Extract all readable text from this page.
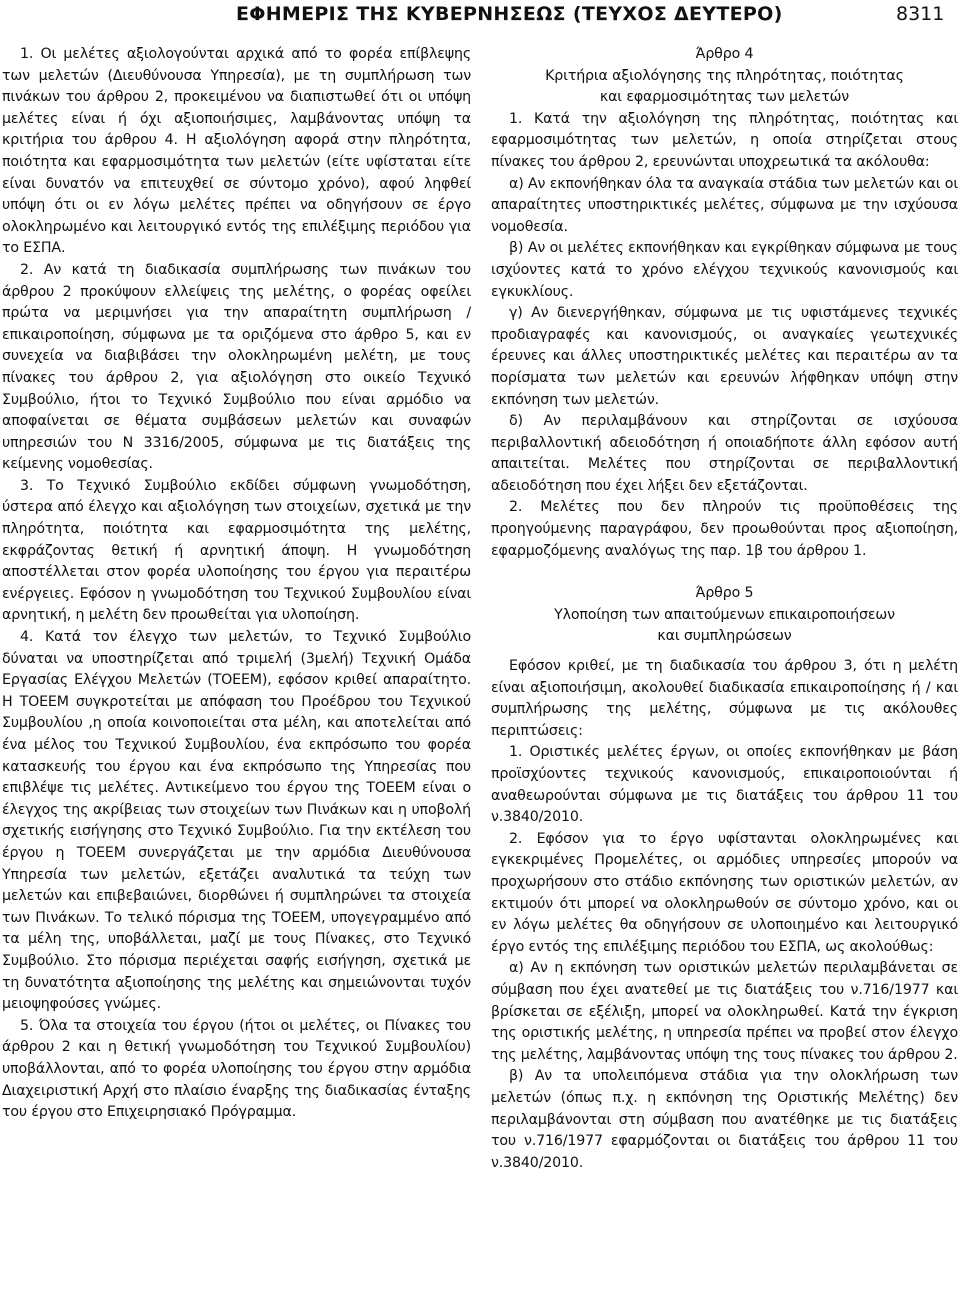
ΕΦΗΜΕΡΙΣ ΤΗΣ ΚΥΒΕΡΝΗΣΕΩΣ (ΤΕΥΧΟΣ ΔΕΥΤΕΡΟ)	8311

1. Οι μελέτες αξιολογούνται αρχικά από το φορέα επίβλεψης των μελετών (Διευθύνουσα Υπηρεσία), με τη συμπλήρωση των πινάκων του άρθρου 2, προκειμένου να διαπιστωθεί ότι οι υπόψη μελέτες είναι ή όχι αξιοποιήσιμες, λαμβάνοντας υπόψη τα κριτήρια του άρθρου 4. Η αξιολόγηση αφορά στην πληρότητα, ποιότητα και εφαρμοσιμότητα των μελετών (είτε υφίσταται είτε είναι δυνατόν να επιτευχθεί σε σύντομο χρόνο), αφού ληφθεί υπόψη ότι οι εν λόγω μελέτες πρέπει να οδηγήσουν σε έργο ολοκληρωμένο και λειτουργικό εντός της επιλέξιμης περιόδου για το ΕΣΠΑ.

2. Αν κατά τη διαδικασία συμπλήρωσης των πινάκων του άρθρου 2 προκύψουν ελλείψεις της μελέτης, ο φορέας οφείλει πρώτα να μεριμνήσει για την απαραίτητη συμπλήρωση / επικαιροποίηση, σύμφωνα με τα οριζόμενα στο άρθρο 5, και εν συνεχεία να διαβιβάσει την ολοκληρωμένη μελέτη, με τους πίνακες του άρθρου 2, για αξιολόγηση στο οικείο Τεχνικό Συμβούλιο, ήτοι το Τεχνικό Συμβούλιο που είναι αρμόδιο να αποφαίνεται σε θέματα συμβάσεων μελετών και συναφών υπηρεσιών του Ν 3316/2005, σύμφωνα με τις διατάξεις της κείμενης νομοθεσίας.

3. Το Τεχνικό Συμβούλιο εκδίδει σύμφωνη γνωμοδότηση, ύστερα από έλεγχο και αξιολόγηση των στοιχείων, σχετικά με την πληρότητα, ποιότητα και εφαρμοσιμότητα της μελέτης, εκφράζοντας θετική ή αρνητική άποψη. Η γνωμοδότηση αποστέλλεται στον φορέα υλοποίησης του έργου για περαιτέρω ενέργειες. Εφόσον η γνωμοδότηση του Τεχνικού Συμβουλίου είναι αρνητική, η μελέτη δεν προωθείται για υλοποίηση.

4. Κατά τον έλεγχο των μελετών, το Τεχνικό Συμβούλιο δύναται να υποστηρίζεται από τριμελή (3μελή) Τεχνική Ομάδα Εργασίας Ελέγχου Μελετών (ΤΟΕΕΜ), εφόσον κριθεί απαραίτητο. Η ΤΟΕΕΜ συγκροτείται με απόφαση του Προέδρου του Τεχνικού Συμβουλίου ,η οποία κοινοποιείται στα μέλη, και αποτελείται από ένα μέλος του Τεχνικού Συμβουλίου, ένα εκπρόσωπο του φορέα κατασκευής του έργου και ένα εκπρόσωπο της Υπηρεσίας που επιβλέψε τις μελέτες. Αντικείμενο του έργου της ΤΟΕΕΜ είναι ο έλεγχος της ακρίβειας των στοιχείων των Πινάκων και η υποβολή σχετικής εισήγησης στο Τεχνικό Συμβούλιο. Για την εκτέλεση του έργου η ΤΟΕΕΜ συνεργάζεται με την αρμόδια Διευθύνουσα Υπηρεσία των μελετών, εξετάζει αναλυτικά τα τεύχη των μελετών και επιβεβαιώνει, διορθώνει ή συμπληρώνει τα στοιχεία των Πινάκων. Το τελικό πόρισμα της ΤΟΕΕΜ, υπογεγραμμένο από τα μέλη της, υποβάλλεται, μαζί με τους Πίνακες, στο Τεχνικό Συμβούλιο. Στο πόρισμα περιέχεται σαφής εισήγηση, σχετικά με τη δυνατότητα αξιοποίησης της μελέτης και σημειώνονται τυχόν μειοψηφούσες γνώμες.

5. Όλα τα στοιχεία του έργου (ήτοι οι μελέτες, οι Πίνακες του άρθρου 2 και η θετική γνωμοδότηση του Τεχνικού Συμβουλίου) υποβάλλονται, από το φορέα υλοποίησης του έργου στην αρμόδια Διαχειριστική Αρχή στο πλαίσιο έναρξης της διαδικασίας ένταξης του έργου στο Επιχειρησιακό Πρόγραμμα.

Άρθρο 4
Κριτήρια αξιολόγησης της πληρότητας, ποιότητας
και εφαρμοσιμότητας των μελετών

1. Κατά την αξιολόγηση της πληρότητας, ποιότητας και εφαρμοσιμότητας των μελετών, η οποία στηρίζεται στους πίνακες του άρθρου 2, ερευνώνται υποχρεωτικά τα ακόλουθα:

α) Αν εκπονήθηκαν όλα τα αναγκαία στάδια των μελετών και οι απαραίτητες υποστηρικτικές μελέτες, σύμφωνα με την ισχύουσα νομοθεσία.

β) Αν οι μελέτες εκπονήθηκαν και εγκρίθηκαν σύμφωνα με τους ισχύοντες κατά το χρόνο ελέγχου τεχνικούς κανονισμούς και εγκυκλίους.

γ) Αν διενεργήθηκαν, σύμφωνα με τις υφιστάμενες τεχνικές προδιαγραφές και κανονισμούς, οι αναγκαίες γεωτεχνικές έρευνες και άλλες υποστηρικτικές μελέτες και περαιτέρω αν τα πορίσματα των μελετών και ερευνών λήφθηκαν υπόψη στην εκπόνηση των μελετών.

δ) Αν περιλαμβάνουν και στηρίζονται σε ισχύουσα περιβαλλοντική αδειοδότηση ή οποιαδήποτε άλλη εφόσον αυτή απαιτείται. Μελέτες που στηρίζονται σε περιβαλλοντική αδειοδότηση που έχει λήξει δεν εξετάζονται.

2. Μελέτες που δεν πληρούν τις προϋποθέσεις της προηγούμενης παραγράφου, δεν προωθούνται προς αξιοποίηση, εφαρμοζόμενης αναλόγως της παρ. 1β του άρθρου 1.

Άρθρο 5
Υλοποίηση των απαιτούμενων επικαιροποιήσεων
και συμπληρώσεων

Εφόσον κριθεί, με τη διαδικασία του άρθρου 3, ότι η μελέτη είναι αξιοποιήσιμη, ακολουθεί διαδικασία επικαιροποίησης ή / και συμπλήρωσης της μελέτης, σύμφωνα με τις ακόλουθες περιπτώσεις:

1. Οριστικές μελέτες έργων, οι οποίες εκπονήθηκαν με βάση προϊσχύοντες τεχνικούς κανονισμούς, επικαιροποιούνται ή αναθεωρούνται σύμφωνα με τις διατάξεις του άρθρου 11 του ν.3840/2010.

2. Εφόσον για το έργο υφίστανται ολοκληρωμένες και εγκεκριμένες Προμελέτες, οι αρμόδιες υπηρεσίες μπορούν να προχωρήσουν στο στάδιο εκπόνησης των οριστικών μελετών, αν εκτιμούν ότι μπορεί να ολοκληρωθούν σε σύντομο χρόνο, και οι εν λόγω μελέτες θα οδηγήσουν σε υλοποιημένο και λειτουργικό έργο εντός της επιλέξιμης περιόδου του ΕΣΠΑ, ως ακολούθως:

α) Αν η εκπόνηση των οριστικών μελετών περιλαμβάνεται σε σύμβαση που έχει ανατεθεί με τις διατάξεις του ν.716/1977 και βρίσκεται σε εξέλιξη, μπορεί να ολοκληρωθεί. Κατά την έγκριση της οριστικής μελέτης, η υπηρεσία πρέπει να προβεί στον έλεγχο της μελέτης, λαμβάνοντας υπόψη της τους πίνακες του άρθρου 2.

β) Αν τα υπολειπόμενα στάδια για την ολοκλήρωση των μελετών (όπως π.χ. η εκπόνηση της Οριστικής Μελέτης) δεν περιλαμβάνονται στη σύμβαση που ανατέθηκε με τις διατάξεις του ν.716/1977 εφαρμόζονται οι διατάξεις του άρθρου 11 του ν.3840/2010.
